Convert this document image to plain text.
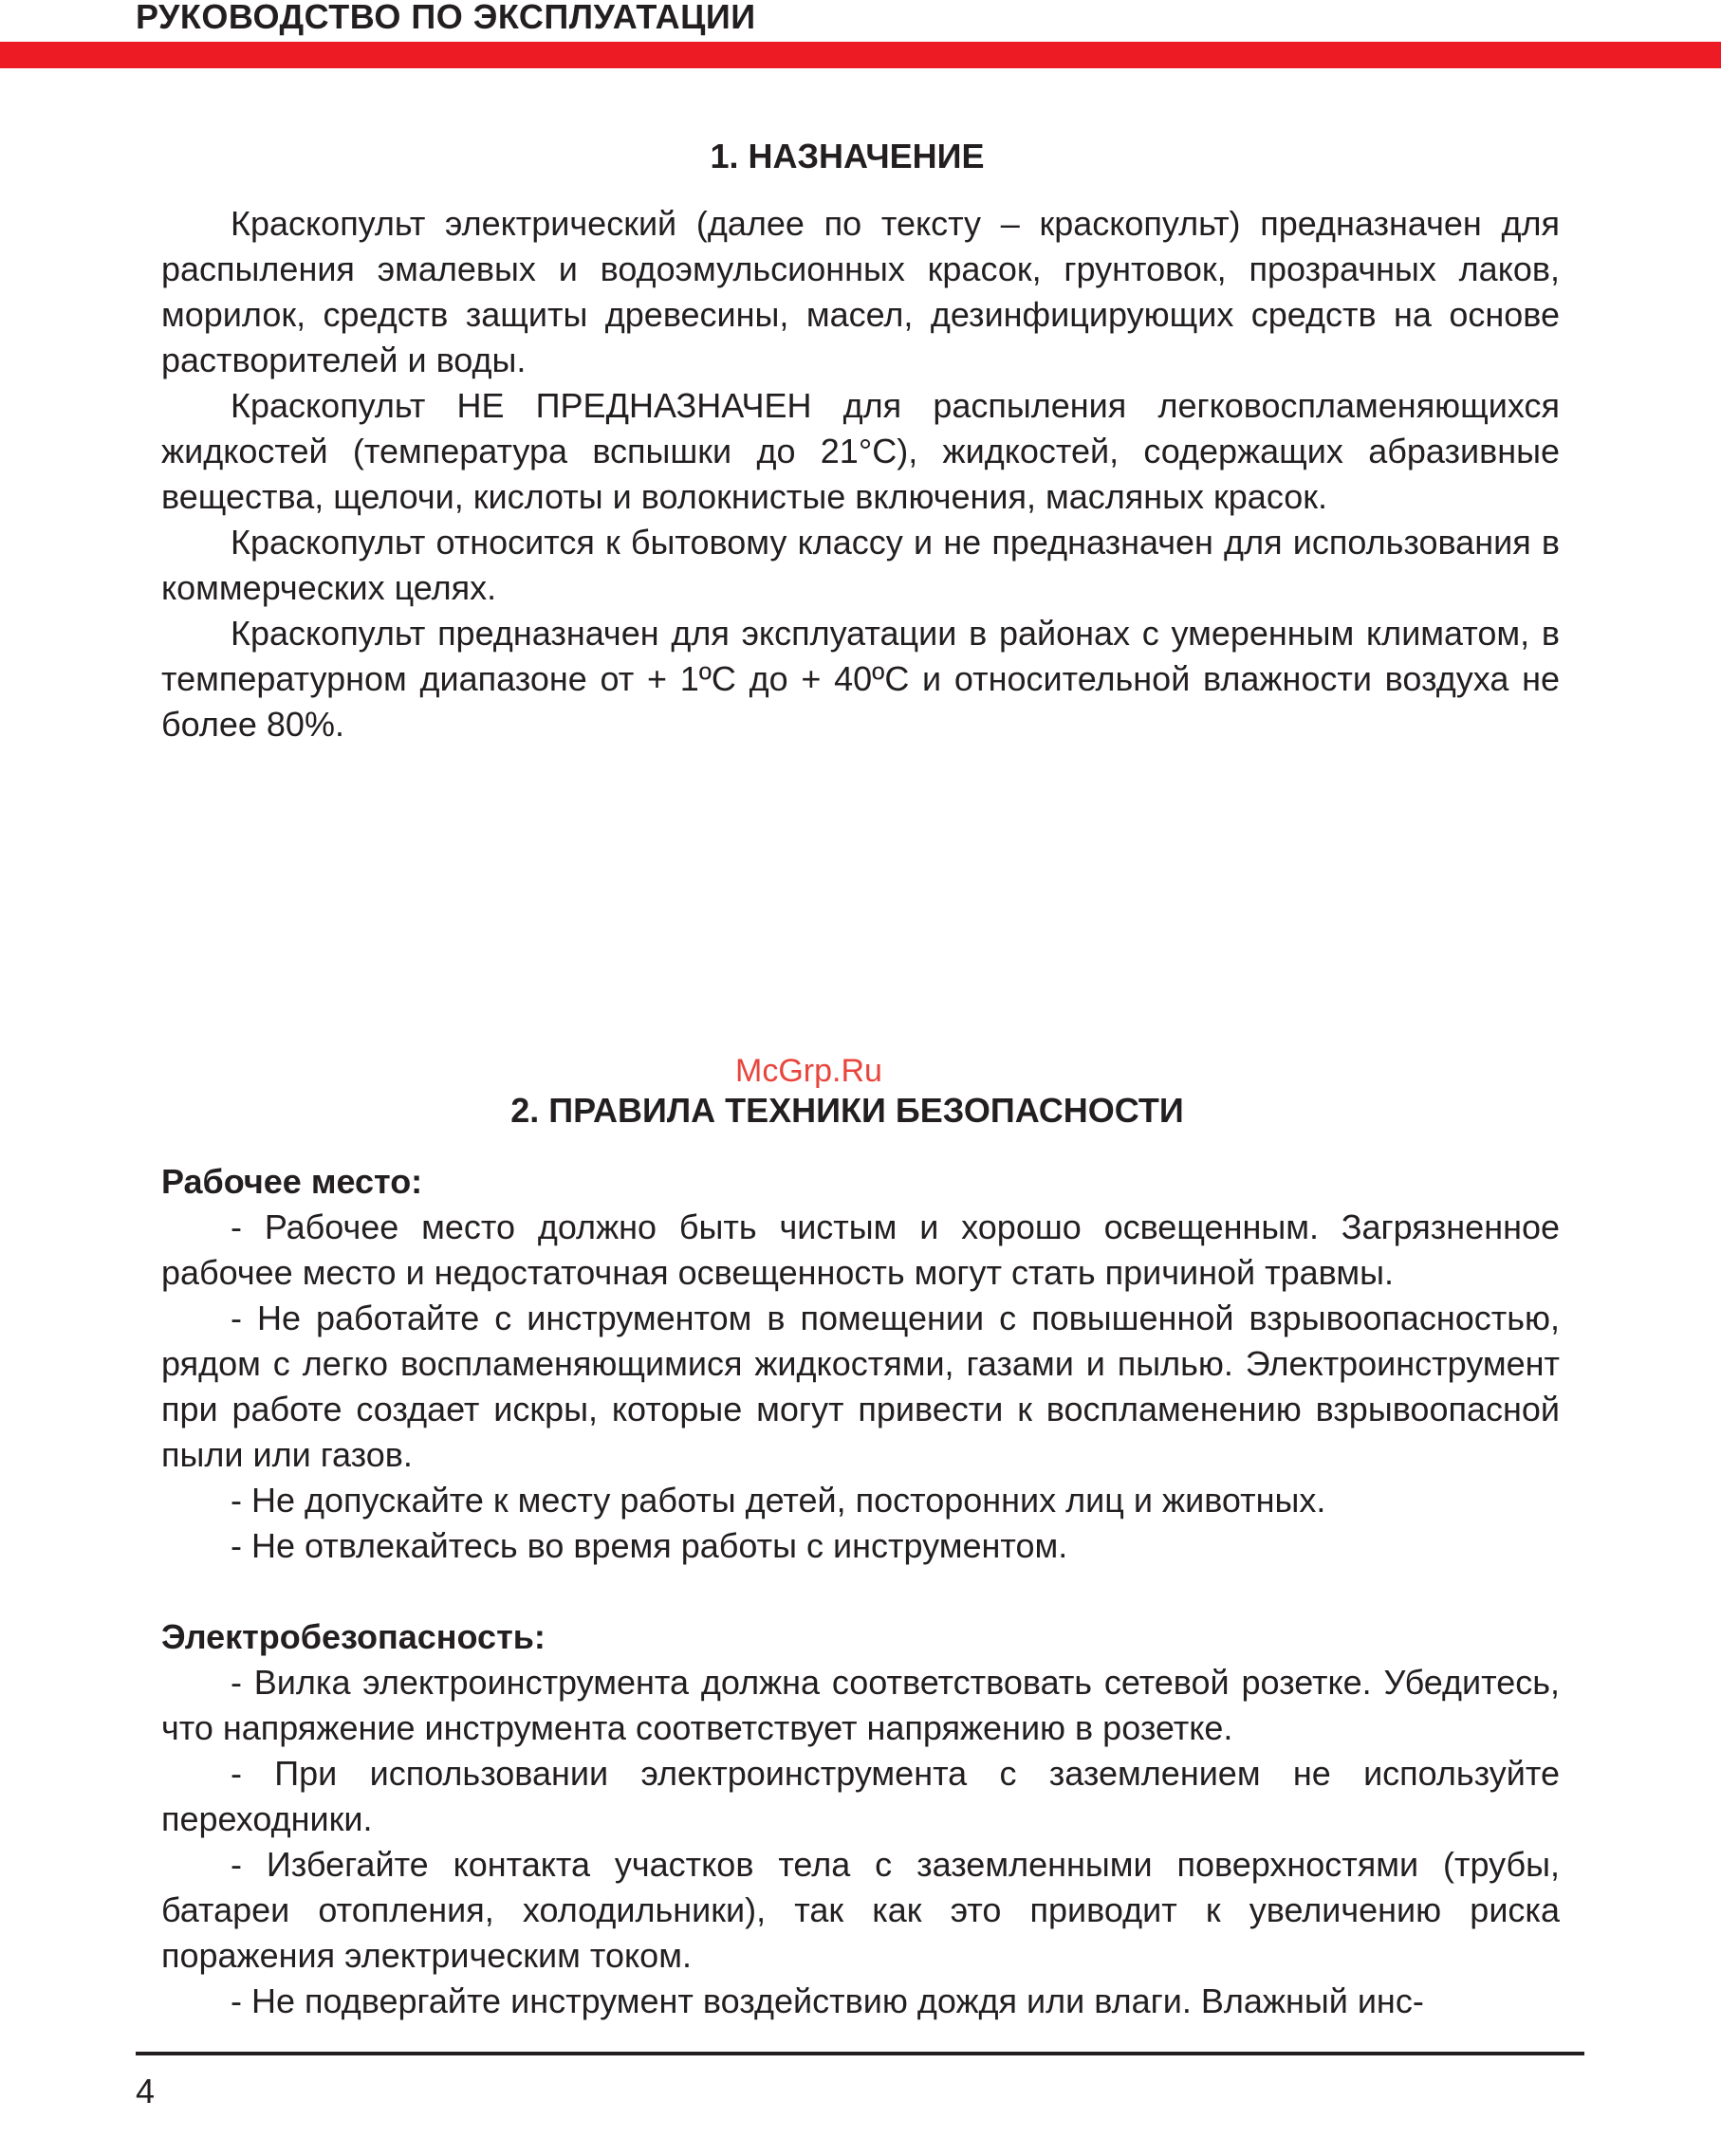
РУКОВОДСТВО ПО ЭКСПЛУАТАЦИИ
1. НАЗНАЧЕНИЕ

Краскопульт электрический (далее по тексту – краскопульт) предназначен для распыления эмалевых и водоэмульсионных красок, грунтовок, прозрачных лаков, морилок, средств защиты древесины, масел, дезинфицирующих средств на основе растворителей и воды.

Краскопульт НЕ ПРЕДНАЗНАЧЕН для распыления легковоспламеняющихся жидкостей (температура вспышки до 21°С), жидкостей, содержащих абразивные вещества, щелочи, кислоты и волокнистые включения, масляных красок.

Краскопульт относится к бытовому классу и не предназначен для использования в коммерческих целях.

Краскопульт предназначен для эксплуатации в районах с умеренным климатом, в температурном диапазоне от + 1ºС до + 40ºС и относительной влажности воздуха не более 80%.

2. ПРАВИЛА ТЕХНИКИ БЕЗОПАСНОСТИ
McGrp.Ru
Рабочее место:

- Рабочее место должно быть чистым и хорошо освещенным. Загрязненное рабочее место и недостаточная освещенность могут стать причиной травмы.

- Не работайте с инструментом в помещении с повышенной взрывоопасностью, рядом с легко воспламеняющимися жидкостями, газами и пылью. Электроинструмент при работе создает искры, которые могут привести к воспламенению взрывоопасной пыли или газов.

- Не допускайте к месту работы детей, посторонних лиц и животных.

- Не отвлекайтесь во время работы с инструментом.

Электробезопасность:

- Вилка электроинструмента должна соответствовать сетевой розетке. Убедитесь, что напряжение инструмента соответствует напряжению в розетке.

- При использовании электроинструмента с заземлением не используйте переходники.

- Избегайте контакта участков тела с заземленными поверхностями (трубы, батареи отопления, холодильники), так как это приводит к увеличению риска поражения электрическим током.

- Не подвергайте инструмент воздействию дождя или влаги. Влажный инс-

4
